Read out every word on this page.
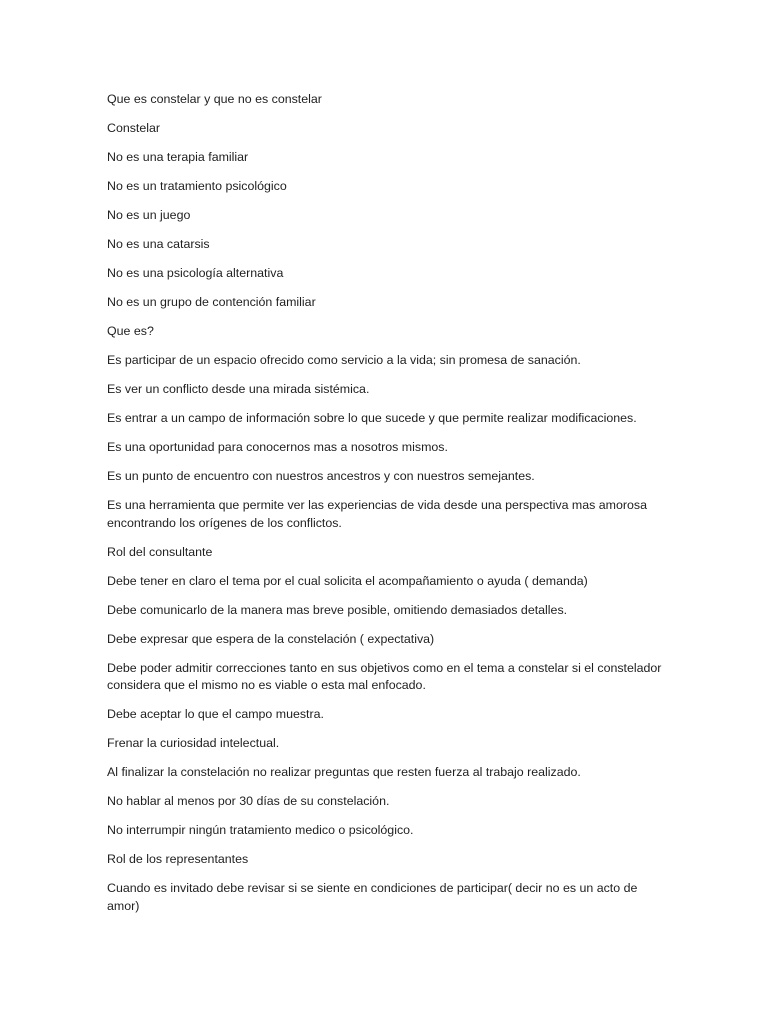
Que es constelar y que no es constelar

Constelar

No es una terapia familiar

No es un tratamiento psicológico

No es un juego

No es una catarsis

No es una psicología alternativa

No es un grupo de contención familiar

Que es?

Es participar de un espacio ofrecido como servicio a la vida; sin promesa de sanación.

Es ver un conflicto desde una mirada sistémica.

Es entrar a un campo de información sobre lo que sucede y que permite realizar modificaciones.

Es una oportunidad para conocernos mas a nosotros mismos.

Es un punto de encuentro con nuestros ancestros y con nuestros semejantes.

Es una herramienta que permite ver las experiencias de vida desde una perspectiva mas amorosa encontrando los orígenes de los conflictos.

Rol del consultante

Debe tener en claro el tema por el cual solicita el acompañamiento o ayuda ( demanda)

Debe comunicarlo de la manera mas breve posible, omitiendo demasiados detalles.

Debe expresar que espera de la constelación ( expectativa)

Debe poder admitir correcciones tanto en sus objetivos como en el tema a constelar si el constelador considera que el mismo no es viable o esta mal enfocado.

Debe aceptar lo que el campo muestra.

Frenar la curiosidad intelectual.

Al finalizar la constelación no realizar preguntas que resten fuerza al trabajo realizado.

No hablar al menos por 30 días de su constelación.

No interrumpir ningún tratamiento medico o psicológico.

Rol de los representantes

Cuando es invitado debe revisar si se siente en condiciones de participar( decir no es un acto de amor)
